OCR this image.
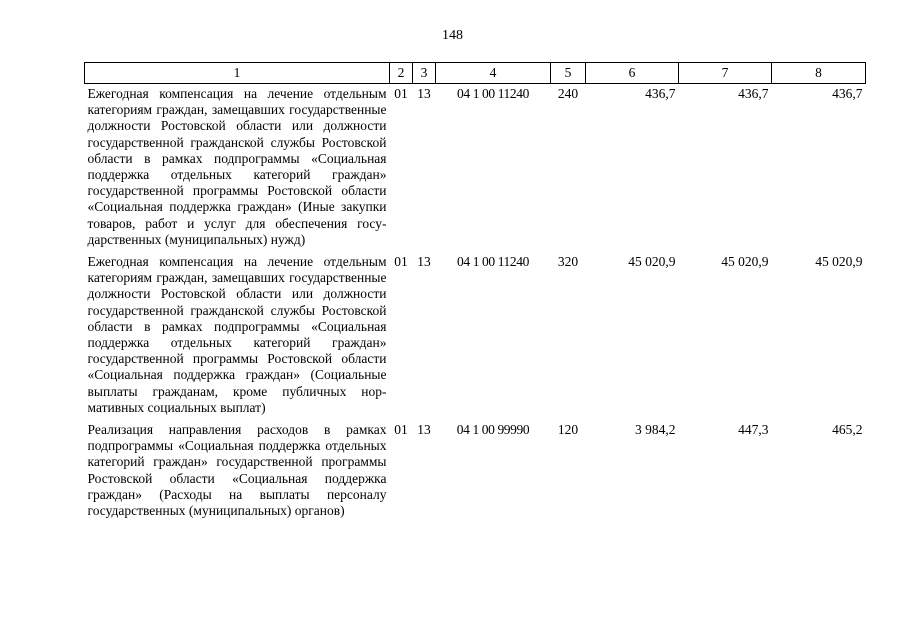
148
1	2	3	4	5	6	7	8
Ежегодная компенсация на лечение отдельным категориям граждан, замещавших государственные должности Ростовской области или должности государственной гражданской службы Ростовской области в рамках подпрограммы «Социальная поддержка отдельных категорий граждан» государственной программы Ростовской области «Социальная поддержка граждан» (Иные закупки товаров, работ и услуг для обеспечения государственных (муниципальных) нужд)	01	13	04 1 00 11240	240	436,7	436,7	436,7
Ежегодная компенсация на лечение отдельным категориям граждан, замещавших государственные должности Ростовской области или должности государственной гражданской службы Ростовской области в рамках подпрограммы «Социальная поддержка отдельных категорий граждан» государственной программы Ростовской области «Социальная поддержка граждан» (Социальные выплаты гражданам, кроме публичных нормативных социальных выплат)	01	13	04 1 00 11240	320	45 020,9	45 020,9	45 020,9
Реализация направления расходов в рамках подпрограммы «Социальная поддержка отдельных категорий граждан» государственной программы Ростовской области «Социальная поддержка граждан» (Расходы на выплаты персоналу государственных (муниципальных) органов)	01	13	04 1 00 99990	120	3 984,2	447,3	465,2
